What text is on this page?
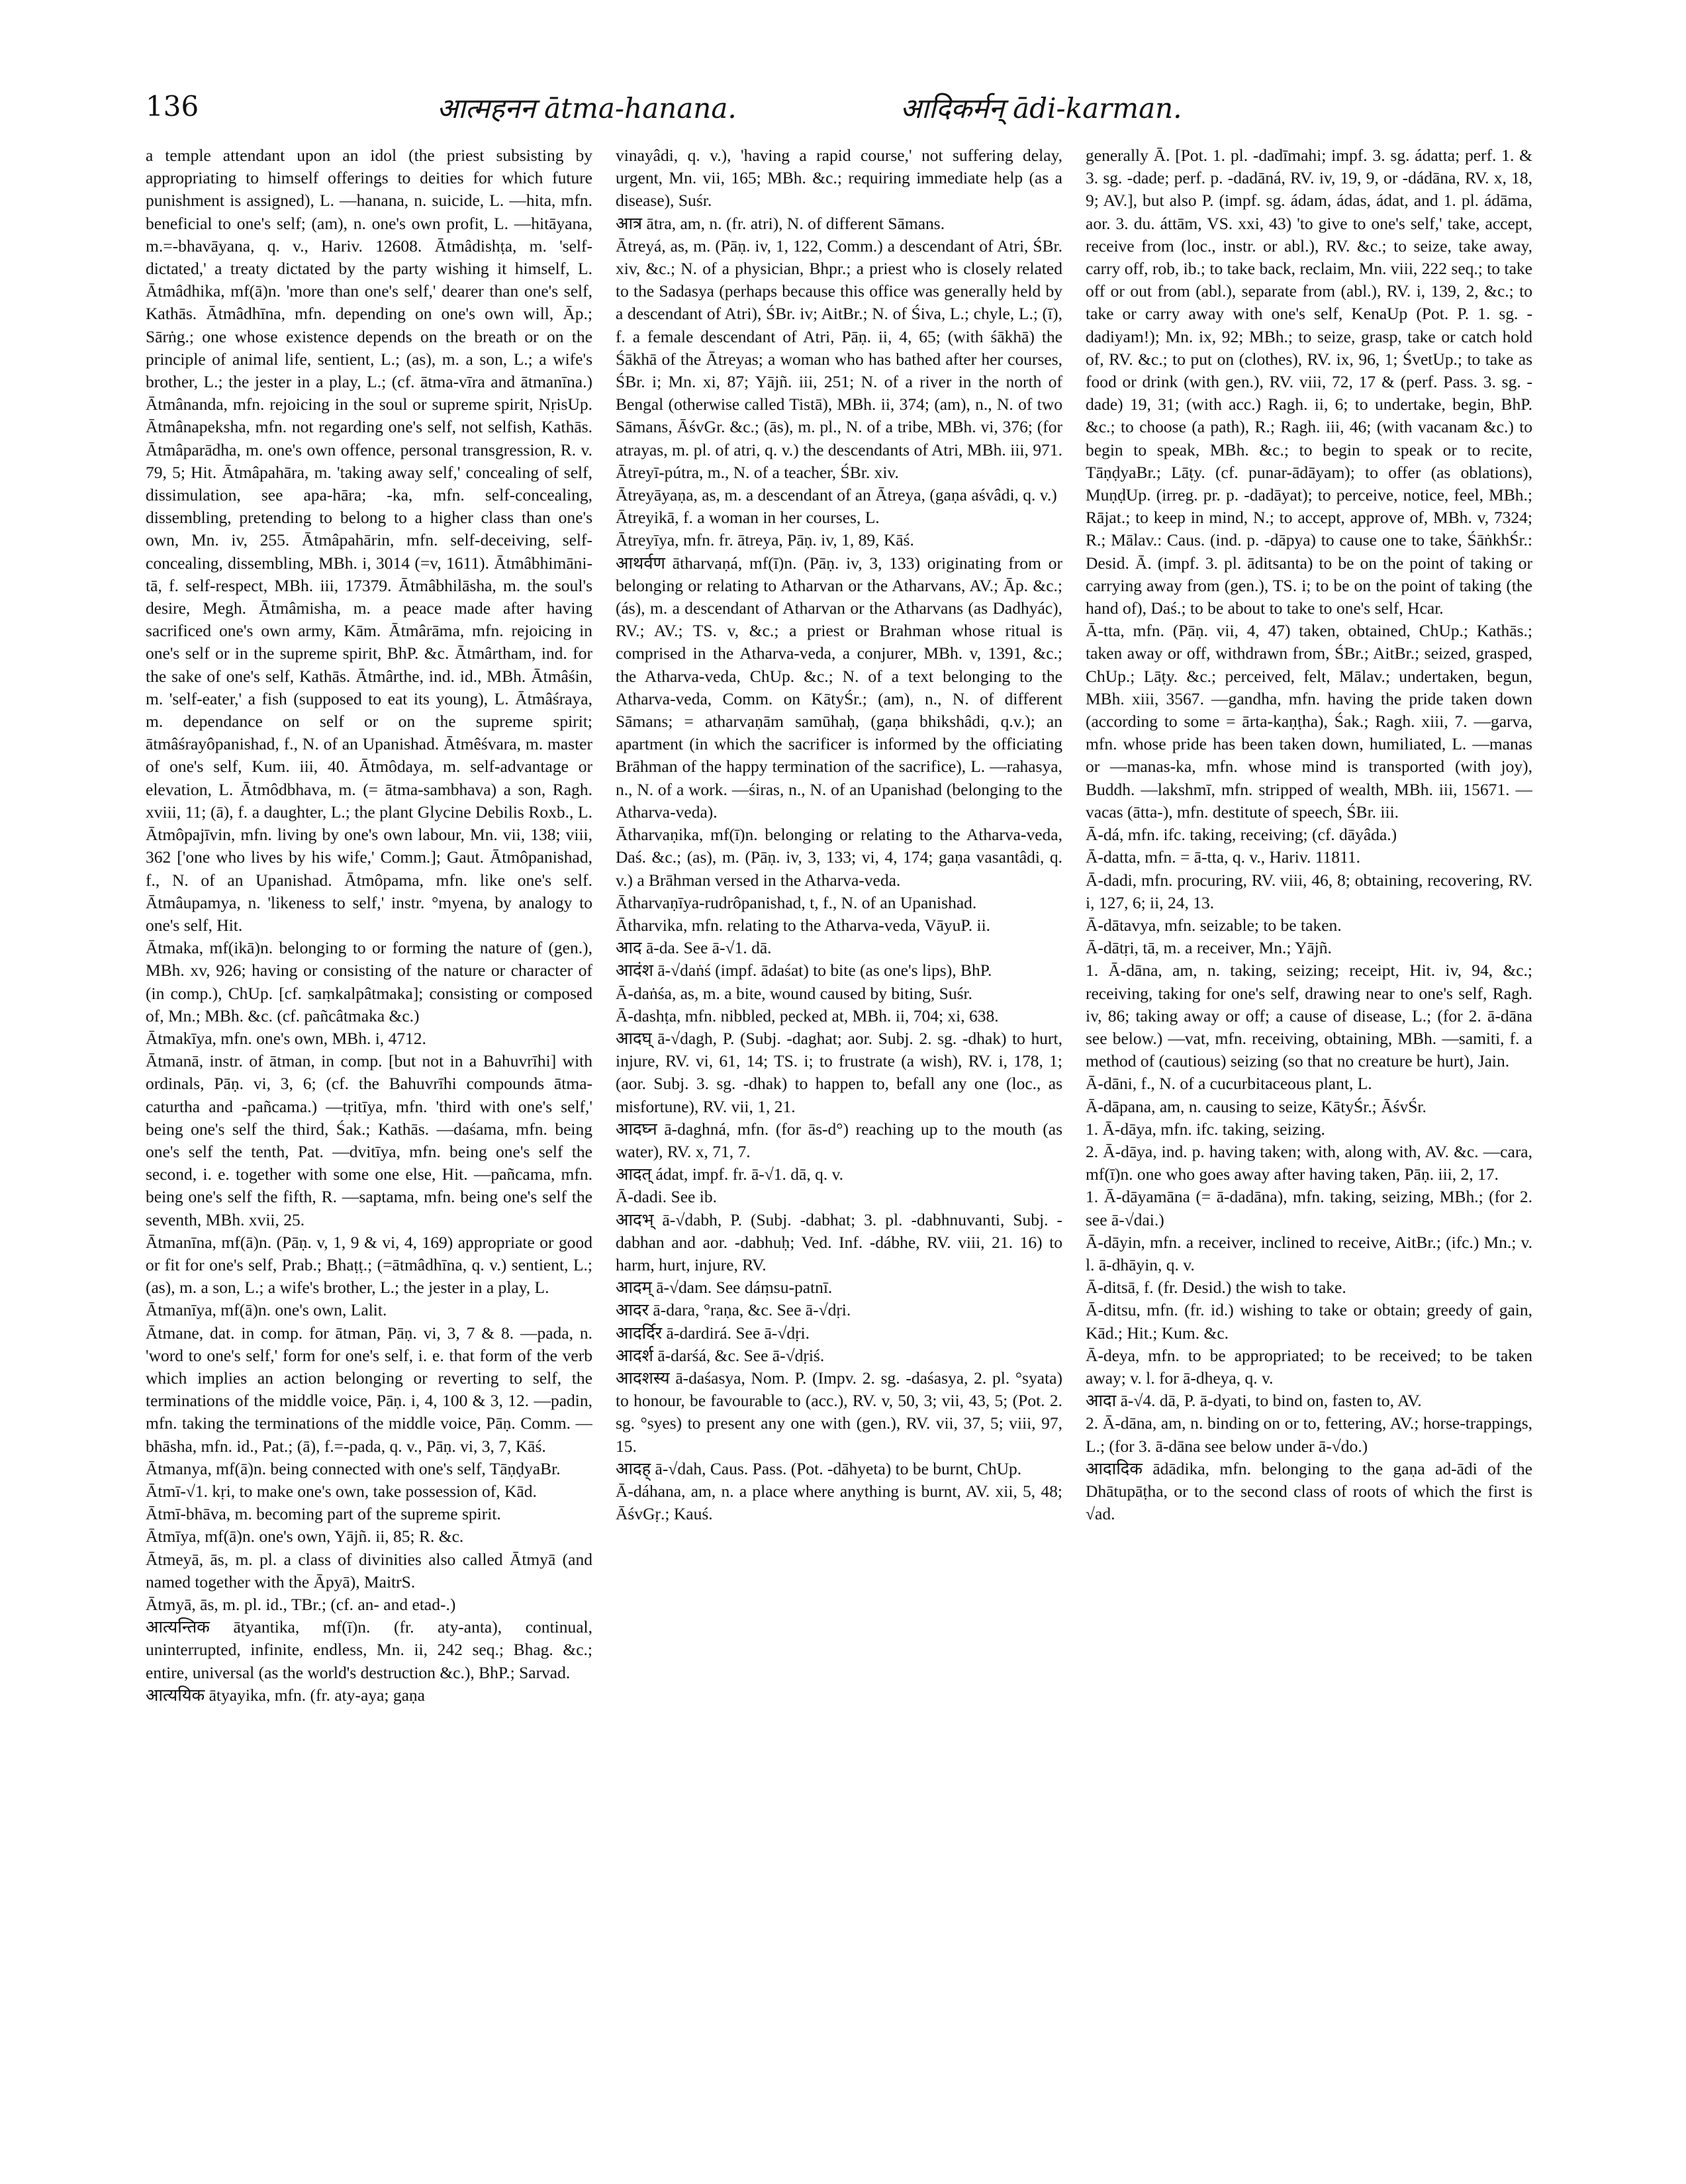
136	आत्महनन ātma-hanana.	आदिकर्मन् ādi-karman.

a temple attendant upon an idol (the priest subsisting by appropriating to himself offerings to deities for which future punishment is assigned), L. —hanana, n. suicide, L. —hita, mfn. beneficial to one's self; (am), n. one's own profit, L. —hitāyana, m.=-bhavāyana, q. v., Hariv. 12608. Ātmâdishṭa, m. 'self-dictated,' a treaty dictated by the party wishing it himself, L. Ātmâdhika, mf(ā)n. 'more than one's self,' dearer than one's self, Kathās. Ātmâdhīna, mfn. depending on one's own will, Āp.; Sārṅg.; one whose existence depends on the breath or on the principle of animal life, sentient, L.; (as), m. a son, L.; a wife's brother, L.; the jester in a play, L.; (cf. ātma-vīra and ātmanīna.) Ātmânanda, mfn. rejoicing in the soul or supreme spirit, NṛisUp. Ātmânapeksha, mfn. not regarding one's self, not selfish, Kathās. Ātmâparādha, m. one's own offence, personal transgression, R. v. 79, 5; Hit. Ātmâpahāra, m. 'taking away self,' concealing of self, dissimulation, see apa-hāra; -ka, mfn. self-concealing, dissembling, pretending to belong to a higher class than one's own, Mn. iv, 255. Ātmâpahārin, mfn. self-deceiving, self-concealing, dissembling, MBh. i, 3014 (=v, 1611). Ātmâbhimāni-tā, f. self-respect, MBh. iii, 17379. Ātmâbhilāsha, m. the soul's desire, Megh. Ātmâmisha, m. a peace made after having sacrificed one's own army, Kām. Ātmârāma, mfn. rejoicing in one's self or in the supreme spirit, BhP. &c. Ātmârtham, ind. for the sake of one's self, Kathās. Ātmârthe, ind. id., MBh. Ātmâśin, m. 'self-eater,' a fish (supposed to eat its young), L. Ātmâśraya, m. dependance on self or on the supreme spirit; ātmâśrayôpanishad, f., N. of an Upanishad. Ātmêśvara, m. master of one's self, Kum. iii, 40. Ātmôdaya, m. self-advantage or elevation, L. Ātmôdbhava, m. (= ātma-sambhava) a son, Ragh. xviii, 11; (ā), f. a daughter, L.; the plant Glycine Debilis Roxb., L. Ātmôpajīvin, mfn. living by one's own labour, Mn. vii, 138; viii, 362 ['one who lives by his wife,' Comm.]; Gaut. Ātmôpanishad, f., N. of an Upanishad. Ātmôpama, mfn. like one's self. Ātmâupamya, n. 'likeness to self,' instr. °myena, by analogy to one's self, Hit.

Ātmaka, mf(ikā)n. belonging to or forming the nature of (gen.), MBh. xv, 926; having or consisting of the nature or character of (in comp.), ChUp. [cf. saṃkalpâtmaka]; consisting or composed of, Mn.; MBh. &c. (cf. pañcâtmaka &c.)

Ātmakīya, mfn. one's own, MBh. i, 4712.

Ātmanā, instr. of ātman, in comp. [but not in a Bahuvrīhi] with ordinals, Pāṇ. vi, 3, 6; (cf. the Bahuvrīhi compounds ātma-caturtha and -pañcama.) —tṛitīya, mfn. 'third with one's self,' being one's self the third, Śak.; Kathās. —daśama, mfn. being one's self the tenth, Pat. —dvitīya, mfn. being one's self the second, i. e. together with some one else, Hit. —pañcama, mfn. being one's self the fifth, R. —saptama, mfn. being one's self the seventh, MBh. xvii, 25.

Ātmanīna, mf(ā)n. (Pāṇ. v, 1, 9 & vi, 4, 169) appropriate or good or fit for one's self, Prab.; Bhaṭṭ.; (=ātmâdhīna, q. v.) sentient, L.; (as), m. a son, L.; a wife's brother, L.; the jester in a play, L.

Ātmanīya, mf(ā)n. one's own, Lalit.

Ātmane, dat. in comp. for ātman, Pāṇ. vi, 3, 7 & 8. —pada, n. 'word to one's self,' form for one's self, i. e. that form of the verb which implies an action belonging or reverting to self, the terminations of the middle voice, Pāṇ. i, 4, 100 & 3, 12. —padin, mfn. taking the terminations of the middle voice, Pāṇ. Comm. —bhāsha, mfn. id., Pat.; (ā), f.=-pada, q. v., Pāṇ. vi, 3, 7, Kāś.

Ātmanya, mf(ā)n. being connected with one's self, TāṇḍyaBr.

Ātmī-√1. kṛi, to make one's own, take possession of, Kād.

Ātmī-bhāva, m. becoming part of the supreme spirit.

Ātmīya, mf(ā)n. one's own, Yājñ. ii, 85; R. &c.

Ātmeyā, ās, m. pl. a class of divinities also called Ātmyā (and named together with the Āpyā), MaitrS.

Ātmyā, ās, m. pl. id., TBr.; (cf. an- and etad-.)

आत्यन्तिक ātyantika, mf(ī)n. (fr. aty-anta), continual, uninterrupted, infinite, endless, Mn. ii, 242 seq.; Bhag. &c.; entire, universal (as the world's destruction &c.), BhP.; Sarvad.

आत्ययिक ātyayika, mfn. (fr. aty-aya; gaṇa

vinayâdi, q. v.), 'having a rapid course,' not suffering delay, urgent, Mn. vii, 165; MBh. &c.; requiring immediate help (as a disease), Suśr.

आत्र ātra, am, n. (fr. atri), N. of different Sāmans.

Ātreyá, as, m. (Pāṇ. iv, 1, 122, Comm.) a descendant of Atri, ŚBr. xiv, &c.; N. of a physician, Bhpr.; a priest who is closely related to the Sadasya (perhaps because this office was generally held by a descendant of Atri), ŚBr. iv; AitBr.; N. of Śiva, L.; chyle, L.; (ī), f. a female descendant of Atri, Pāṇ. ii, 4, 65; (with śākhā) the Śākhā of the Ātreyas; a woman who has bathed after her courses, ŚBr. i; Mn. xi, 87; Yājñ. iii, 251; N. of a river in the north of Bengal (otherwise called Tistā), MBh. ii, 374; (am), n., N. of two Sāmans, ĀśvGr. &c.; (ās), m. pl., N. of a tribe, MBh. vi, 376; (for atrayas, m. pl. of atri, q. v.) the descendants of Atri, MBh. iii, 971. Ātreyī-pútra, m., N. of a teacher, ŚBr. xiv.

Ātreyāyaṇa, as, m. a descendant of an Ātreya, (gaṇa aśvâdi, q. v.)

Ātreyikā, f. a woman in her courses, L.

Ātreyīya, mfn. fr. ātreya, Pāṇ. iv, 1, 89, Kāś.

आथर्वण ātharvaṇá, mf(ī)n. (Pāṇ. iv, 3, 133) originating from or belonging or relating to Atharvan or the Atharvans, AV.; Āp. &c.; (ás), m. a descendant of Atharvan or the Atharvans (as Dadhyác), RV.; AV.; TS. v, &c.; a priest or Brahman whose ritual is comprised in the Atharva-veda, a conjurer, MBh. v, 1391, &c.; the Atharva-veda, ChUp. &c.; N. of a text belonging to the Atharva-veda, Comm. on KātyŚr.; (am), n., N. of different Sāmans; = atharvaṇām samūhaḥ, (gaṇa bhikshâdi, q.v.); an apartment (in which the sacrificer is informed by the officiating Brāhman of the happy termination of the sacrifice), L. —rahasya, n., N. of a work. —śiras, n., N. of an Upanishad (belonging to the Atharva-veda).

Ātharvaṇika, mf(ī)n. belonging or relating to the Atharva-veda, Daś. &c.; (as), m. (Pāṇ. iv, 3, 133; vi, 4, 174; gaṇa vasantâdi, q. v.) a Brāhman versed in the Atharva-veda.

Ātharvaṇīya-rudrôpanishad, t, f., N. of an Upanishad.

Ātharvika, mfn. relating to the Atharva-veda, VāyuP. ii.

आद ā-da. See ā-√1. dā.

आदंश ā-√daṅś (impf. ādaśat) to bite (as one's lips), BhP.

Ā-daṅśa, as, m. a bite, wound caused by biting, Suśr.

Ā-dashṭa, mfn. nibbled, pecked at, MBh. ii, 704; xi, 638.

आदघ् ā-√dagh, P. (Subj. -daghat; aor. Subj. 2. sg. -dhak) to hurt, injure, RV. vi, 61, 14; TS. i; to frustrate (a wish), RV. i, 178, 1; (aor. Subj. 3. sg. -dhak) to happen to, befall any one (loc., as misfortune), RV. vii, 1, 21.

आदघ्न ā-daghná, mfn. (for ās-d°) reaching up to the mouth (as water), RV. x, 71, 7.

आदत् ádat, impf. fr. ā-√1. dā, q. v.

Ā-dadi. See ib.

आदभ् ā-√dabh, P. (Subj. -dabhat; 3. pl. -dabhnuvanti, Subj. -dabhan and aor. -dabhuḥ; Ved. Inf. -dábhe, RV. viii, 21. 16) to harm, hurt, injure, RV.

आदम् ā-√dam. See dáṃsu-patnī.

आदर ā-dara, °raṇa, &c. See ā-√dṛi.

आदर्दिर ā-dardirá. See ā-√dṛi.

आदर्श ā-darśá, &c. See ā-√dṛiś.

आदशस्य ā-daśasya, Nom. P. (Impv. 2. sg. -daśasya, 2. pl. °syata) to honour, be favourable to (acc.), RV. v, 50, 3; vii, 43, 5; (Pot. 2. sg. °syes) to present any one with (gen.), RV. vii, 37, 5; viii, 97, 15.

आदह् ā-√dah, Caus. Pass. (Pot. -dāhyeta) to be burnt, ChUp.

Ā-dáhana, am, n. a place where anything is burnt, AV. xii, 5, 48; ĀśvGṛ.; Kauś.

generally Ā. [Pot. 1. pl. -dadīmahi; impf. 3. sg. ádatta; perf. 1. & 3. sg. -dade; perf. p. -dadāná, RV. iv, 19, 9, or -dádāna, RV. x, 18, 9; AV.], but also P. (impf. sg. ádam, ádas, ádat, and 1. pl. ádāma, aor. 3. du. áttām, VS. xxi, 43) 'to give to one's self,' take, accept, receive from (loc., instr. or abl.), RV. &c.; to seize, take away, carry off, rob, ib.; to take back, reclaim, Mn. viii, 222 seq.; to take off or out from (abl.), separate from (abl.), RV. i, 139, 2, &c.; to take or carry away with one's self, KenaUp (Pot. P. 1. sg. -dadiyam!); Mn. ix, 92; MBh.; to seize, grasp, take or catch hold of, RV. &c.; to put on (clothes), RV. ix, 96, 1; ŚvetUp.; to take as food or drink (with gen.), RV. viii, 72, 17 & (perf. Pass. 3. sg. -dade) 19, 31; (with acc.) Ragh. ii, 6; to undertake, begin, BhP. &c.; to choose (a path), R.; Ragh. iii, 46; (with vacanam &c.) to begin to speak, MBh. &c.; to begin to speak or to recite, TāṇḍyaBr.; Lāṭy. (cf. punar-ādāyam); to offer (as oblations), MuṇḍUp. (irreg. pr. p. -dadāyat); to perceive, notice, feel, MBh.; Rājat.; to keep in mind, N.; to accept, approve of, MBh. v, 7324; R.; Mālav.: Caus. (ind. p. -dāpya) to cause one to take, ŚāṅkhŚr.: Desid. Ā. (impf. 3. pl. āditsanta) to be on the point of taking or carrying away from (gen.), TS. i; to be on the point of taking (the hand of), Daś.; to be about to take to one's self, Hcar.

Ā-tta, mfn. (Pāṇ. vii, 4, 47) taken, obtained, ChUp.; Kathās.; taken away or off, withdrawn from, ŚBr.; AitBr.; seized, grasped, ChUp.; Lāṭy. &c.; perceived, felt, Mālav.; undertaken, begun, MBh. xiii, 3567. —gandha, mfn. having the pride taken down (according to some = ārta-kaṇṭha), Śak.; Ragh. xiii, 7. —garva, mfn. whose pride has been taken down, humiliated, L. —manas or —manas-ka, mfn. whose mind is transported (with joy), Buddh. —lakshmī, mfn. stripped of wealth, MBh. iii, 15671. —vacas (ātta-), mfn. destitute of speech, ŚBr. iii.

Ā-dá, mfn. ifc. taking, receiving; (cf. dāyâda.)

Ā-datta, mfn. = ā-tta, q. v., Hariv. 11811.

Ā-dadi, mfn. procuring, RV. viii, 46, 8; obtaining, recovering, RV. i, 127, 6; ii, 24, 13.

Ā-dātavya, mfn. seizable; to be taken.

Ā-dātṛi, tā, m. a receiver, Mn.; Yājñ.

1. Ā-dāna, am, n. taking, seizing; receipt, Hit. iv, 94, &c.; receiving, taking for one's self, drawing near to one's self, Ragh. iv, 86; taking away or off; a cause of disease, L.; (for 2. ā-dāna see below.) —vat, mfn. receiving, obtaining, MBh. —samiti, f. a method of (cautious) seizing (so that no creature be hurt), Jain.

Ā-dāni, f., N. of a cucurbitaceous plant, L.

Ā-dāpana, am, n. causing to seize, KātyŚr.; ĀśvŚr.

1. Ā-dāya, mfn. ifc. taking, seizing.

2. Ā-dāya, ind. p. having taken; with, along with, AV. &c. —cara, mf(ī)n. one who goes away after having taken, Pāṇ. iii, 2, 17.

1. Ā-dāyamāna (= ā-dadāna), mfn. taking, seizing, MBh.; (for 2. see ā-√dai.)

Ā-dāyin, mfn. a receiver, inclined to receive, AitBr.; (ifc.) Mn.; v. l. ā-dhāyin, q. v.

Ā-ditsā, f. (fr. Desid.) the wish to take.

Ā-ditsu, mfn. (fr. id.) wishing to take or obtain; greedy of gain, Kād.; Hit.; Kum. &c.

Ā-deya, mfn. to be appropriated; to be received; to be taken away; v. l. for ā-dheya, q. v.

आदा ā-√4. dā, P. ā-dyati, to bind on, fasten to, AV.

2. Ā-dāna, am, n. binding on or to, fettering, AV.; horse-trappings, L.; (for 3. ā-dāna see below under ā-√do.)

आदादिक ādādika, mfn. belonging to the gaṇa ad-ādi of the Dhātupāṭha, or to the second class of roots of which the first is √ad.
